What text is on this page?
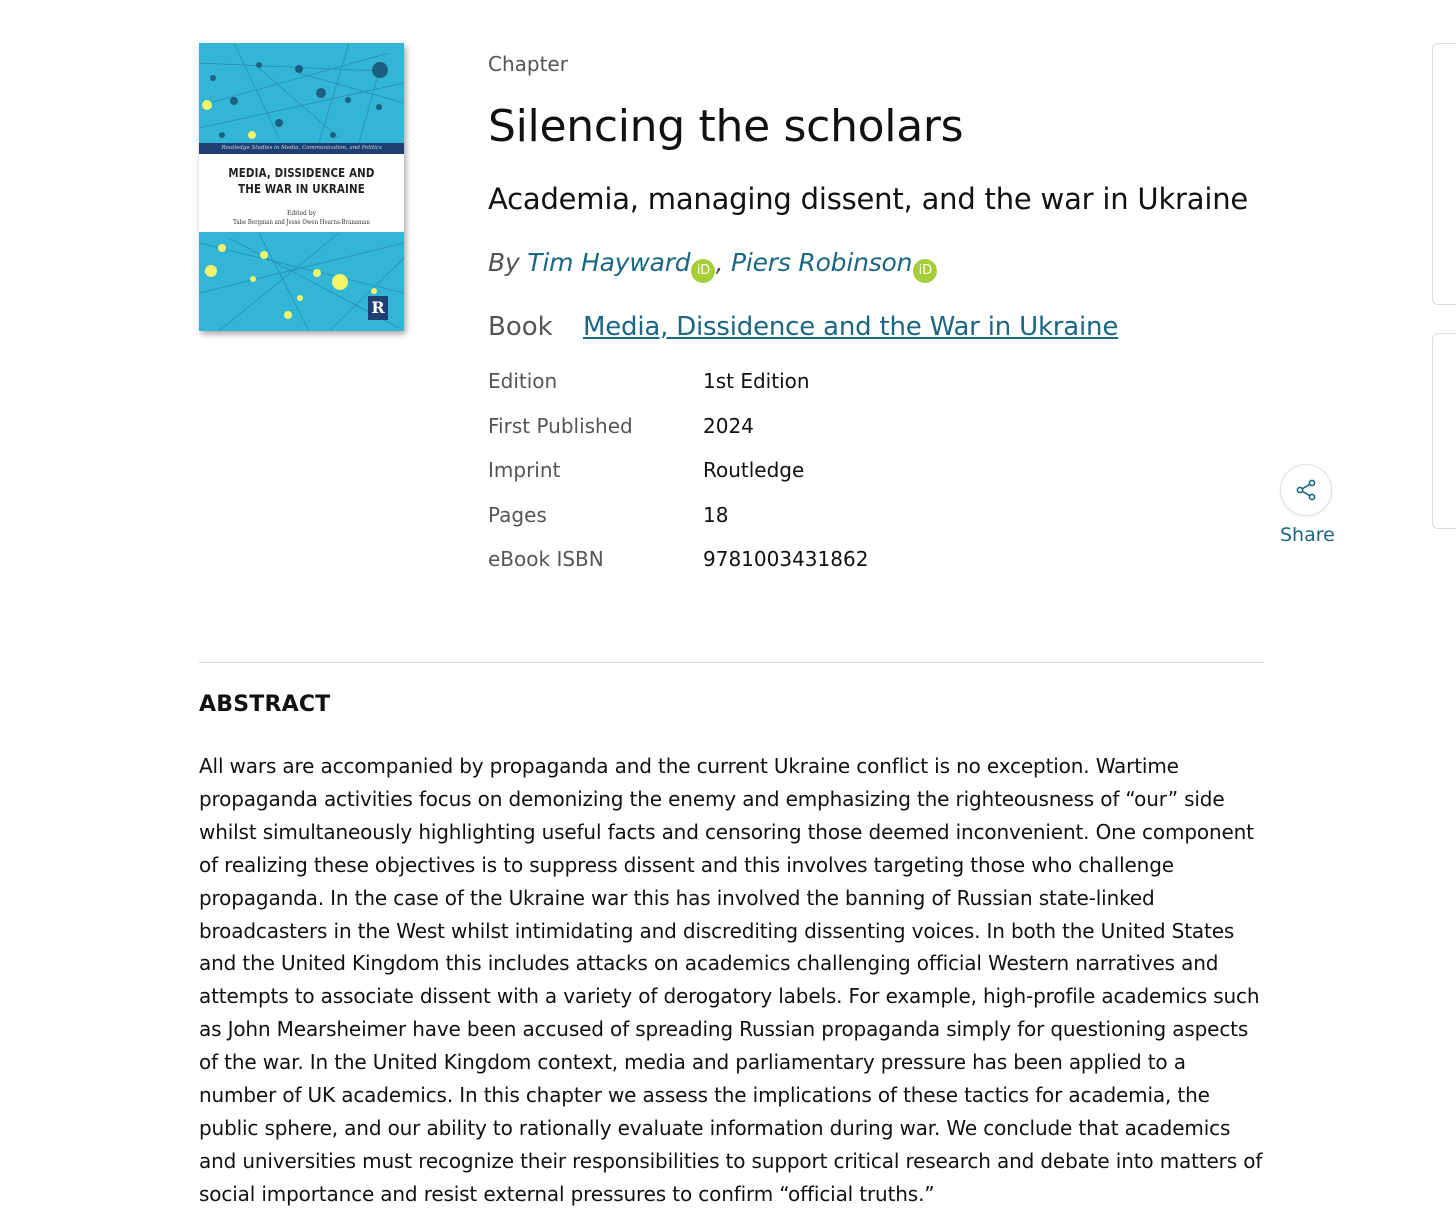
Routledge Studies in Media, Communication, and Politics
MEDIA, DISSIDENCE AND
THE WAR IN UKRAINE
Edited by
Tabe Bergman and Jesse Owen Hearns-Branaman
R
Chapter
Silencing the scholars
Academia, managing dissent, and the war in Ukraine
By Tim Hayward iD , Piers Robinson iD
Book Media, Dissidence and the War in Ukraine
Edition	1st Edition
First Published	2024
Imprint	Routledge
Pages	18
eBook ISBN	9781003431862
Share
ABSTRACT

All wars are accompanied by propaganda and the current Ukraine conflict is no exception. Wartime propaganda activities focus on demonizing the enemy and emphasizing the righteousness of “our” side whilst simultaneously highlighting useful facts and censoring those deemed inconvenient. One component of realizing these objectives is to suppress dissent and this involves targeting those who challenge propaganda. In the case of the Ukraine war this has involved the banning of Russian state-linked broadcasters in the West whilst intimidating and discrediting dissenting voices. In both the United States and the United Kingdom this includes attacks on academics challenging official Western narratives and attempts to associate dissent with a variety of derogatory labels. For example, high-profile academics such as John Mearsheimer have been accused of spreading Russian propaganda simply for questioning aspects of the war. In the United Kingdom context, media and parliamentary pressure has been applied to a number of UK academics. In this chapter we assess the implications of these tactics for academia, the public sphere, and our ability to rationally evaluate information during war. We conclude that academics and universities must recognize their responsibilities to support critical research and debate into matters of social importance and resist external pressures to confirm “official truths.”
